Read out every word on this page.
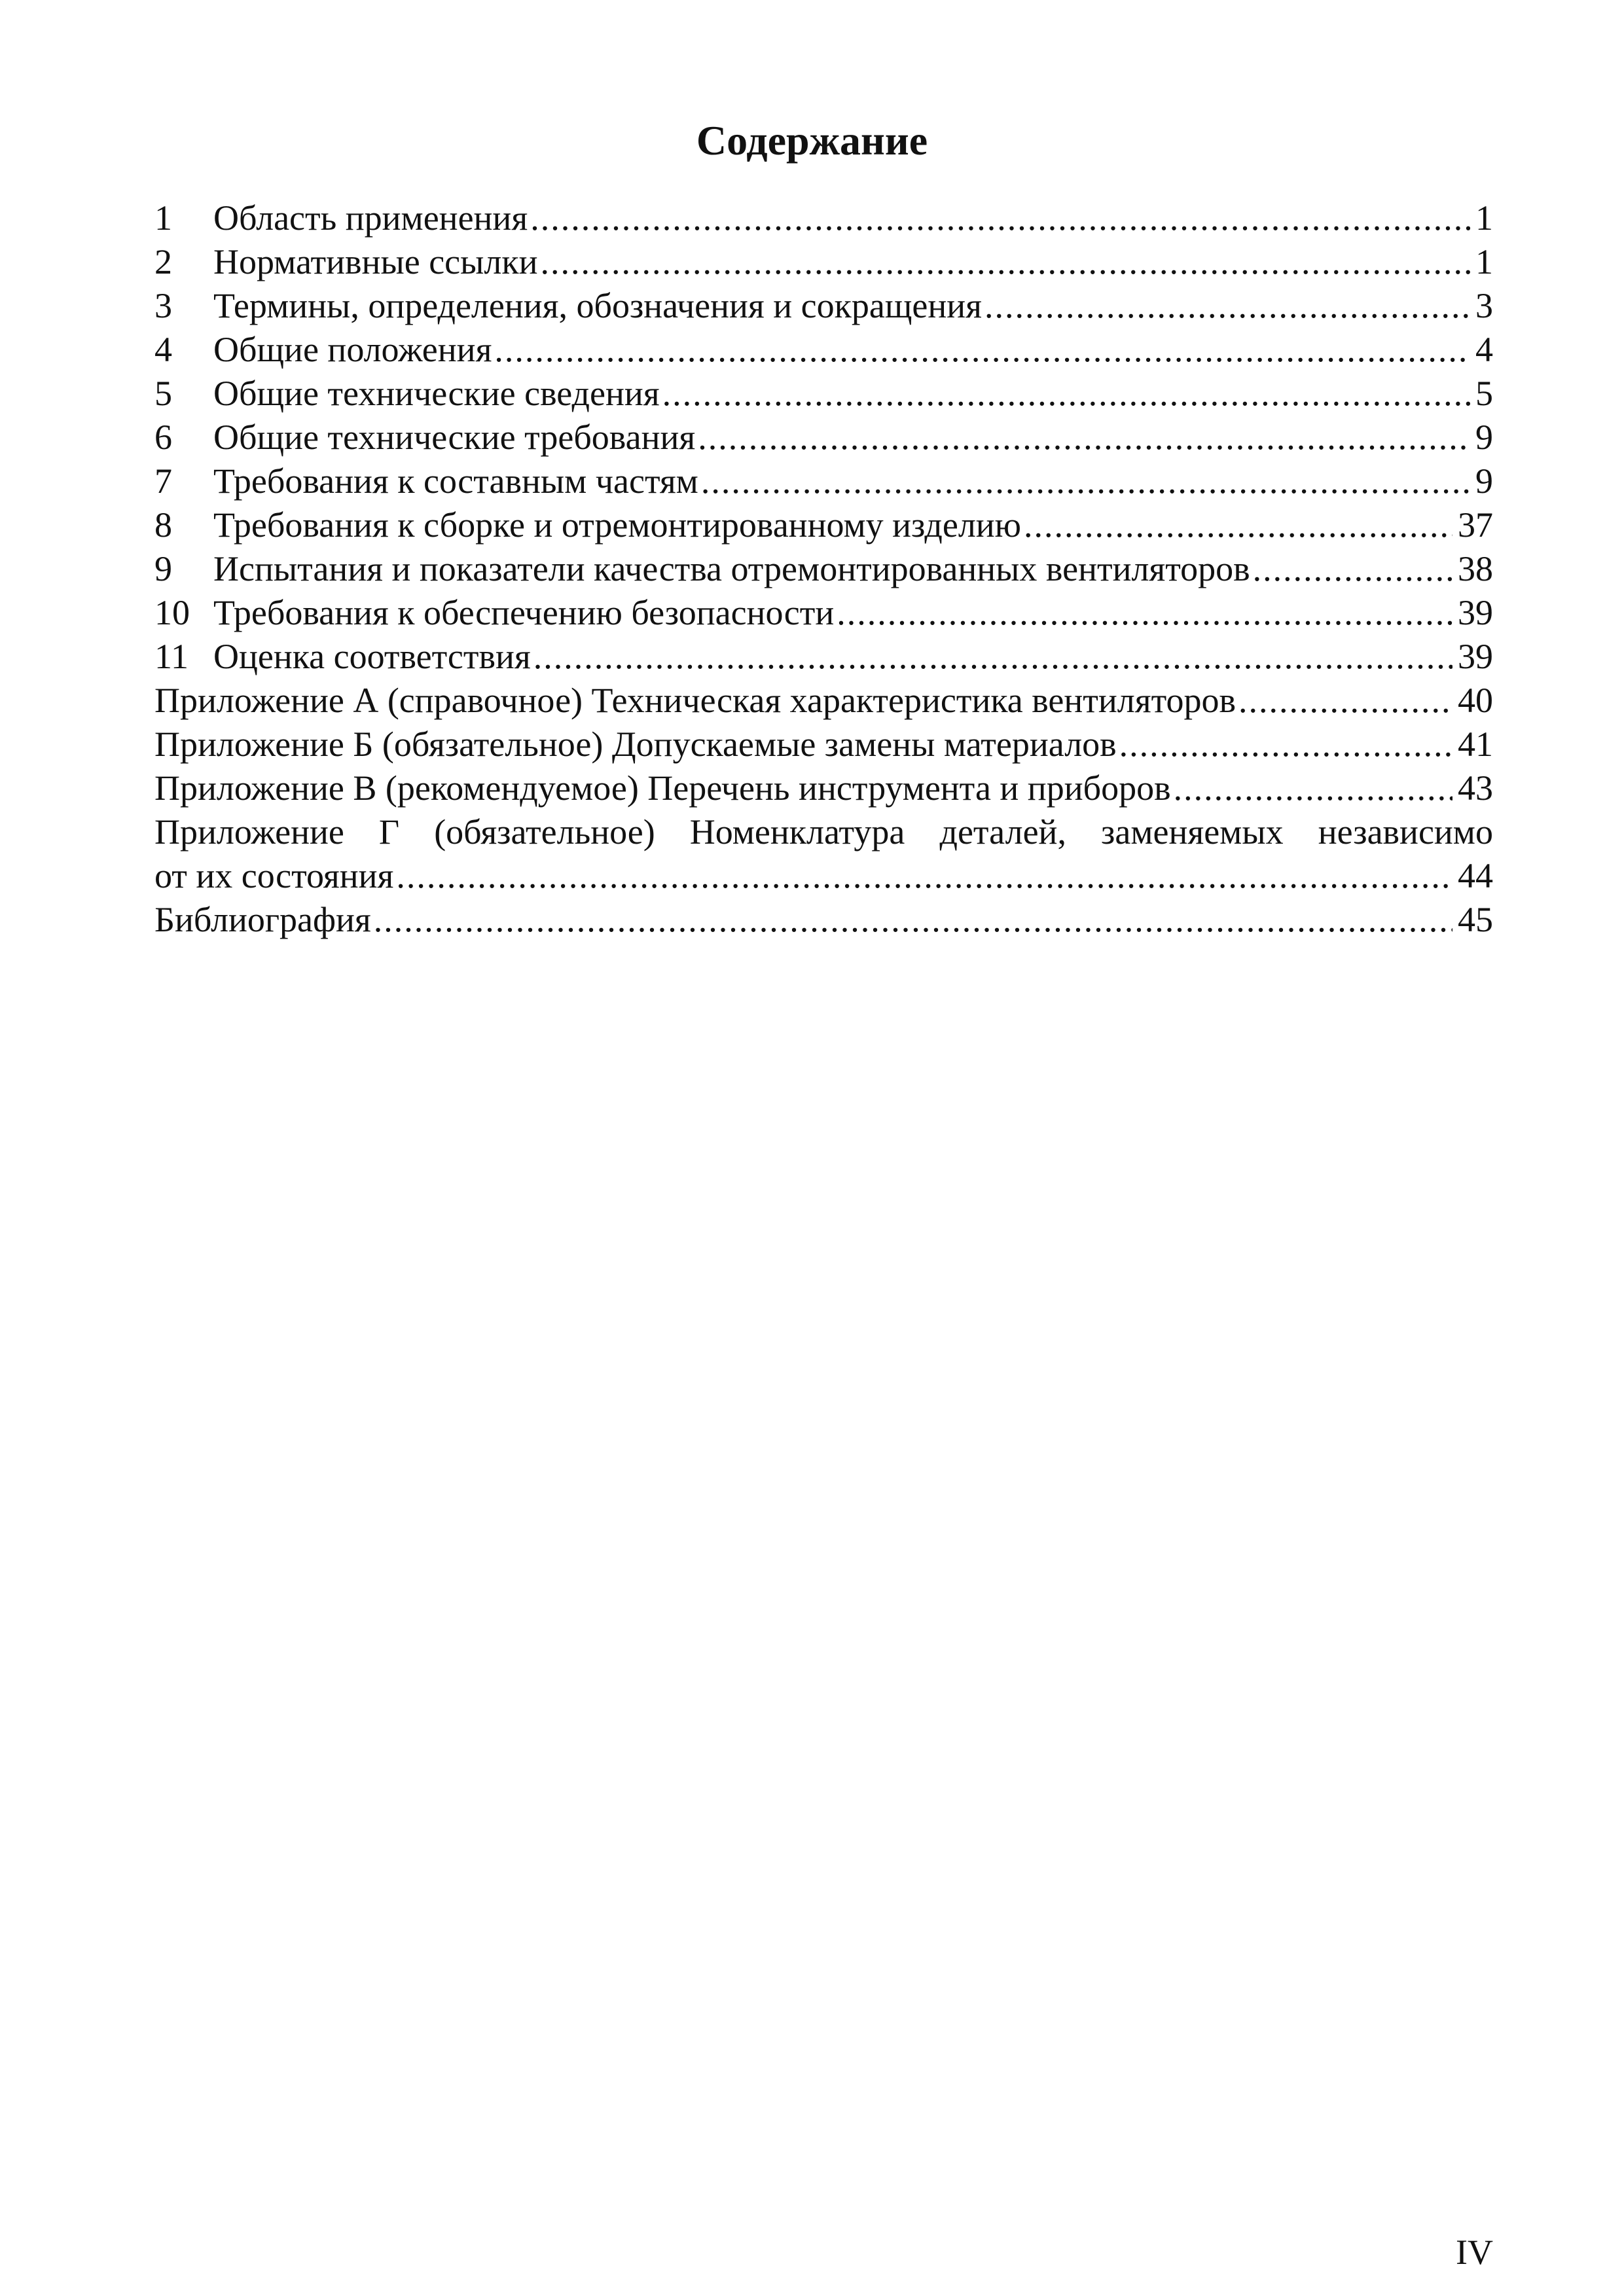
Содержание
1	Область применения .....	1
2	Нормативные ссылки .....	1
3	Термины, определения, обозначения и сокращения .....	3
4	Общие положения .....	4
5	Общие технические сведения .....	5
6	Общие технические требования .....	9
7	Требования к составным частям .....	9
8	Требования к сборке и отремонтированному изделию .....	37
9	Испытания и показатели качества отремонтированных вентиляторов .....	38
10 Требования к обеспечению безопасности .....	39
11 Оценка соответствия .....	39
Приложение А (справочное) Техническая характеристика вентиляторов .....	40
Приложение Б (обязательное) Допускаемые замены материалов .....	41
Приложение В (рекомендуемое) Перечень инструмента и приборов .....	43
Приложение Г (обязательное) Номенклатура деталей, заменяемых независимо
от их состояния .....	44
Библиография .....	45
IV
